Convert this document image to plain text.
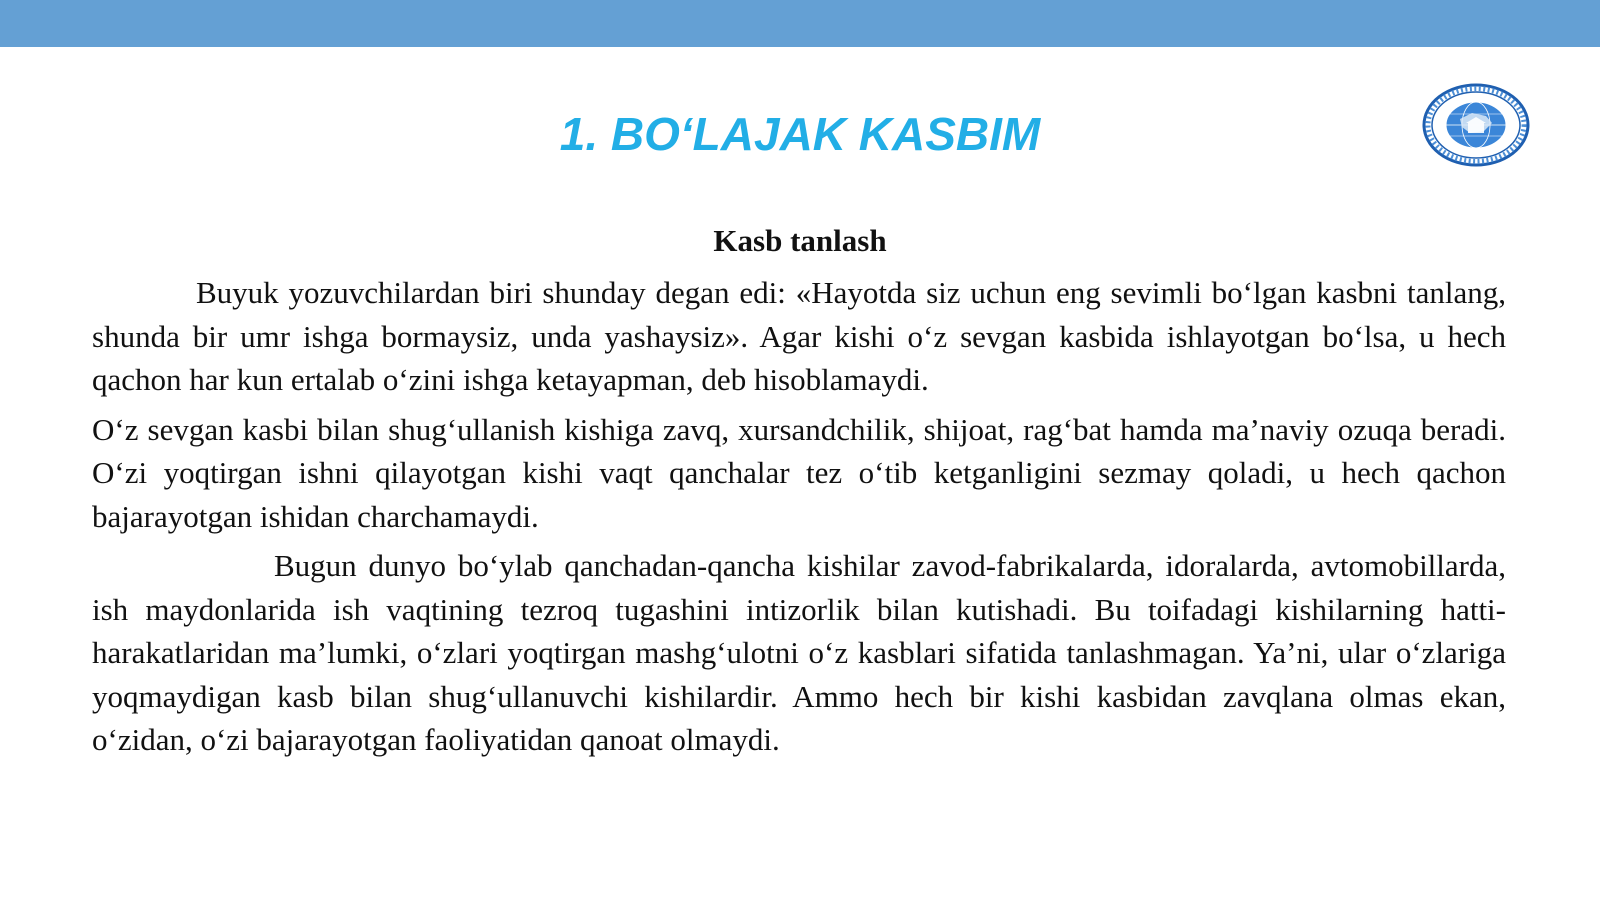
1. BO‘LAJAK KASBIM
Kasb tanlash

Buyuk yozuvchilardan biri shunday degan edi: «Hayotda siz uchun eng sevimli bo‘lgan kasbni tanlang, shunda bir umr ishga bormaysiz, unda yashaysiz». Agar kishi o‘z sevgan kasbida ishlayotgan bo‘lsa, u hech qachon har kun ertalab o‘zini ishga ketayapman, deb hisoblamaydi.

O‘z sevgan kasbi bilan shug‘ullanish kishiga zavq, xursandchilik, shijoat, rag‘bat hamda ma’naviy ozuqa beradi. O‘zi yoqtirgan ishni qilayotgan kishi vaqt qanchalar tez o‘tib ketganligini sezmay qoladi, u hech qachon bajarayotgan ishidan charchamaydi.

Bugun dunyo bo‘ylab qanchadan-qancha kishilar zavod-fabrikalarda, idoralarda, avtomobillarda, ish maydonlarida ish vaqtining tezroq tugashini intizorlik bilan kutishadi. Bu toifadagi kishilarning hatti-harakatlaridan ma’lumki, o‘zlari yoqtirgan mashg‘ulotni o‘z kasblari sifatida tanlashmagan. Ya’ni, ular o‘zlariga yoqmaydigan kasb bilan shug‘ullanuvchi kishilardir. Ammo hech bir kishi kasbidan zavqlana olmas ekan, o‘zidan, o‘zi bajarayotgan faoliyatidan qanoat olmaydi.
